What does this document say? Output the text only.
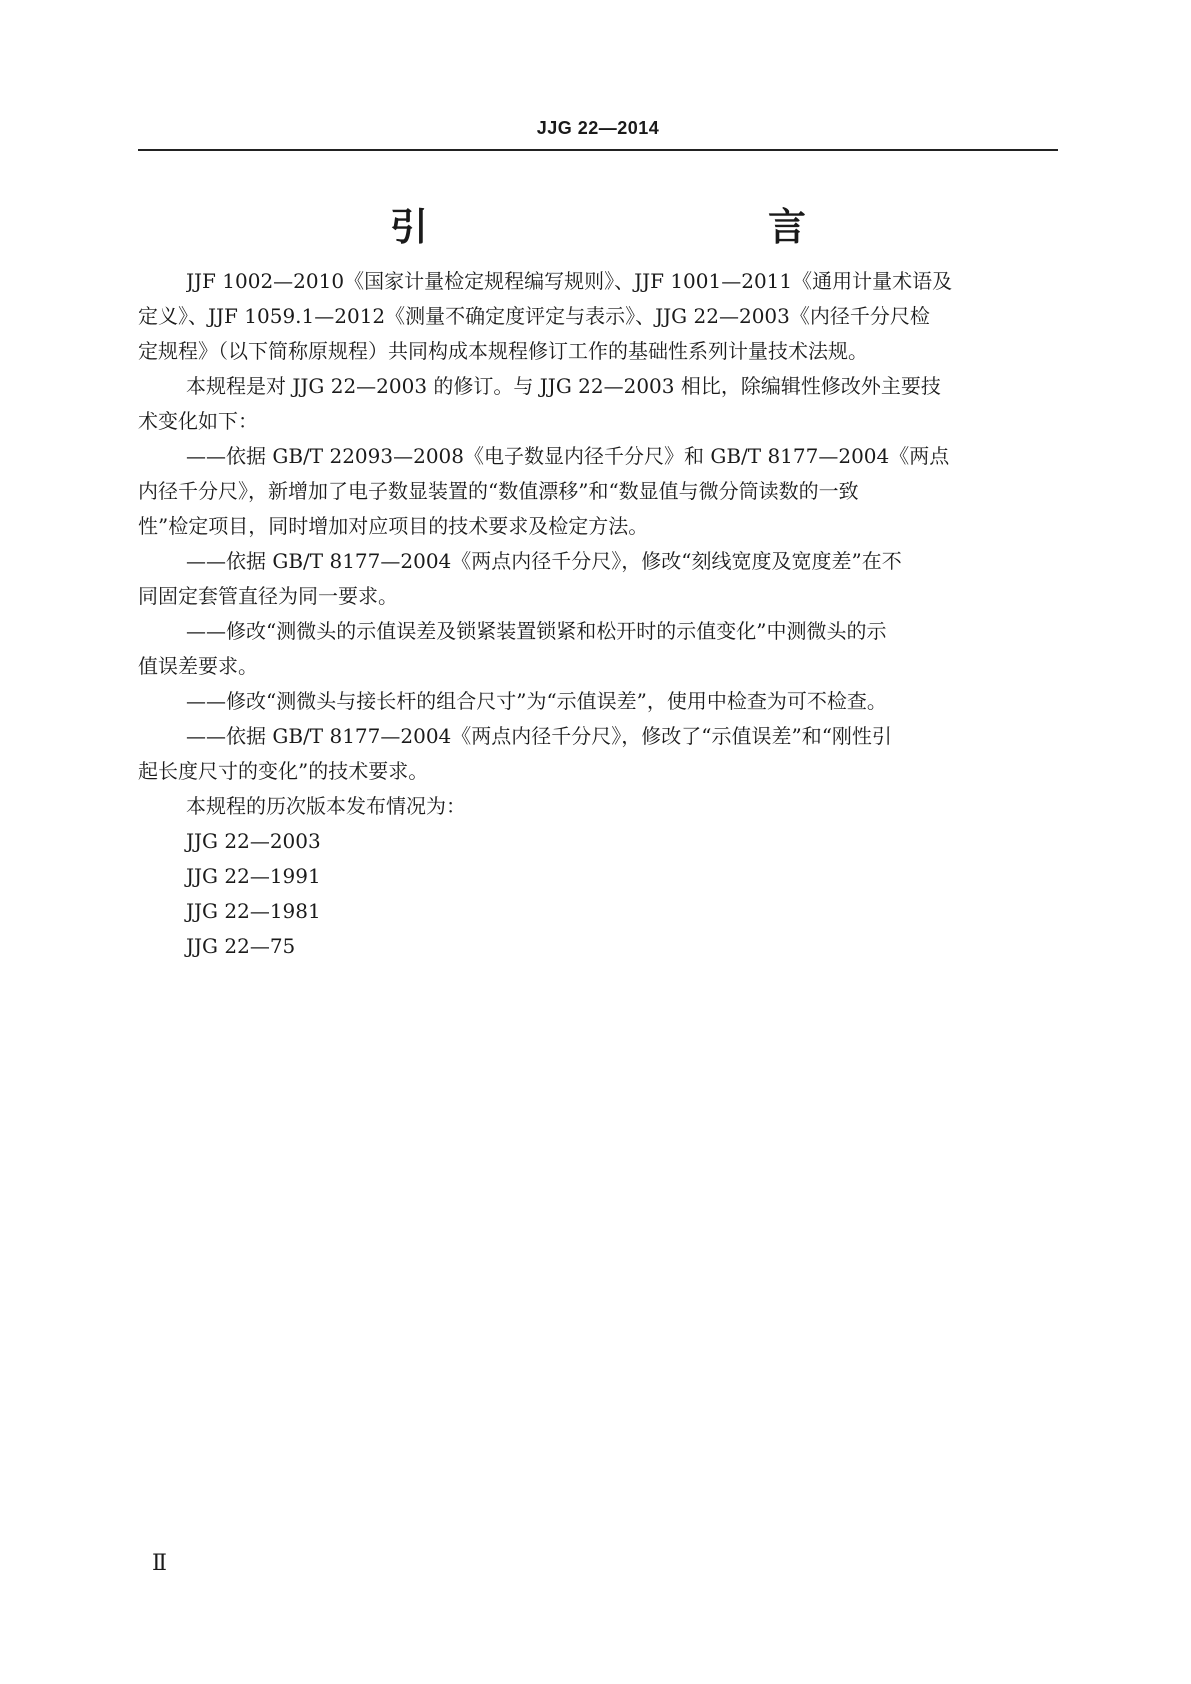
JJG 22—2014
引　　言
JJF 1002—2010《国家计量检定规程编写规则》、JJF 1001—2011《通用计量术语及
定义》、JJF 1059.1—2012《测量不确定度评定与表示》、JJG 22—2003《内径千分尺检
定规程》（以下简称原规程）共同构成本规程修订工作的基础性系列计量技术法规。
本规程是对 JJG 22—2003 的修订。与 JJG 22—2003 相比，除编辑性修改外主要技
术变化如下：
——依据 GB/T 22093—2008《电子数显内径千分尺》和 GB/T 8177—2004《两点
内径千分尺》，新增加了电子数显装置的“数值漂移”和“数显值与微分筒读数的一致
性”检定项目，同时增加对应项目的技术要求及检定方法。
——依据 GB/T 8177—2004《两点内径千分尺》，修改“刻线宽度及宽度差”在不
同固定套管直径为同一要求。
——修改“测微头的示值误差及锁紧装置锁紧和松开时的示值变化”中测微头的示
值误差要求。
——修改“测微头与接长杆的组合尺寸”为“示值误差”，使用中检查为可不检查。
——依据 GB/T 8177—2004《两点内径千分尺》，修改了“示值误差”和“刚性引
起长度尺寸的变化”的技术要求。
本规程的历次版本发布情况为：
JJG 22—2003
JJG 22—1991
JJG 22—1981
JJG 22—75
Ⅱ
